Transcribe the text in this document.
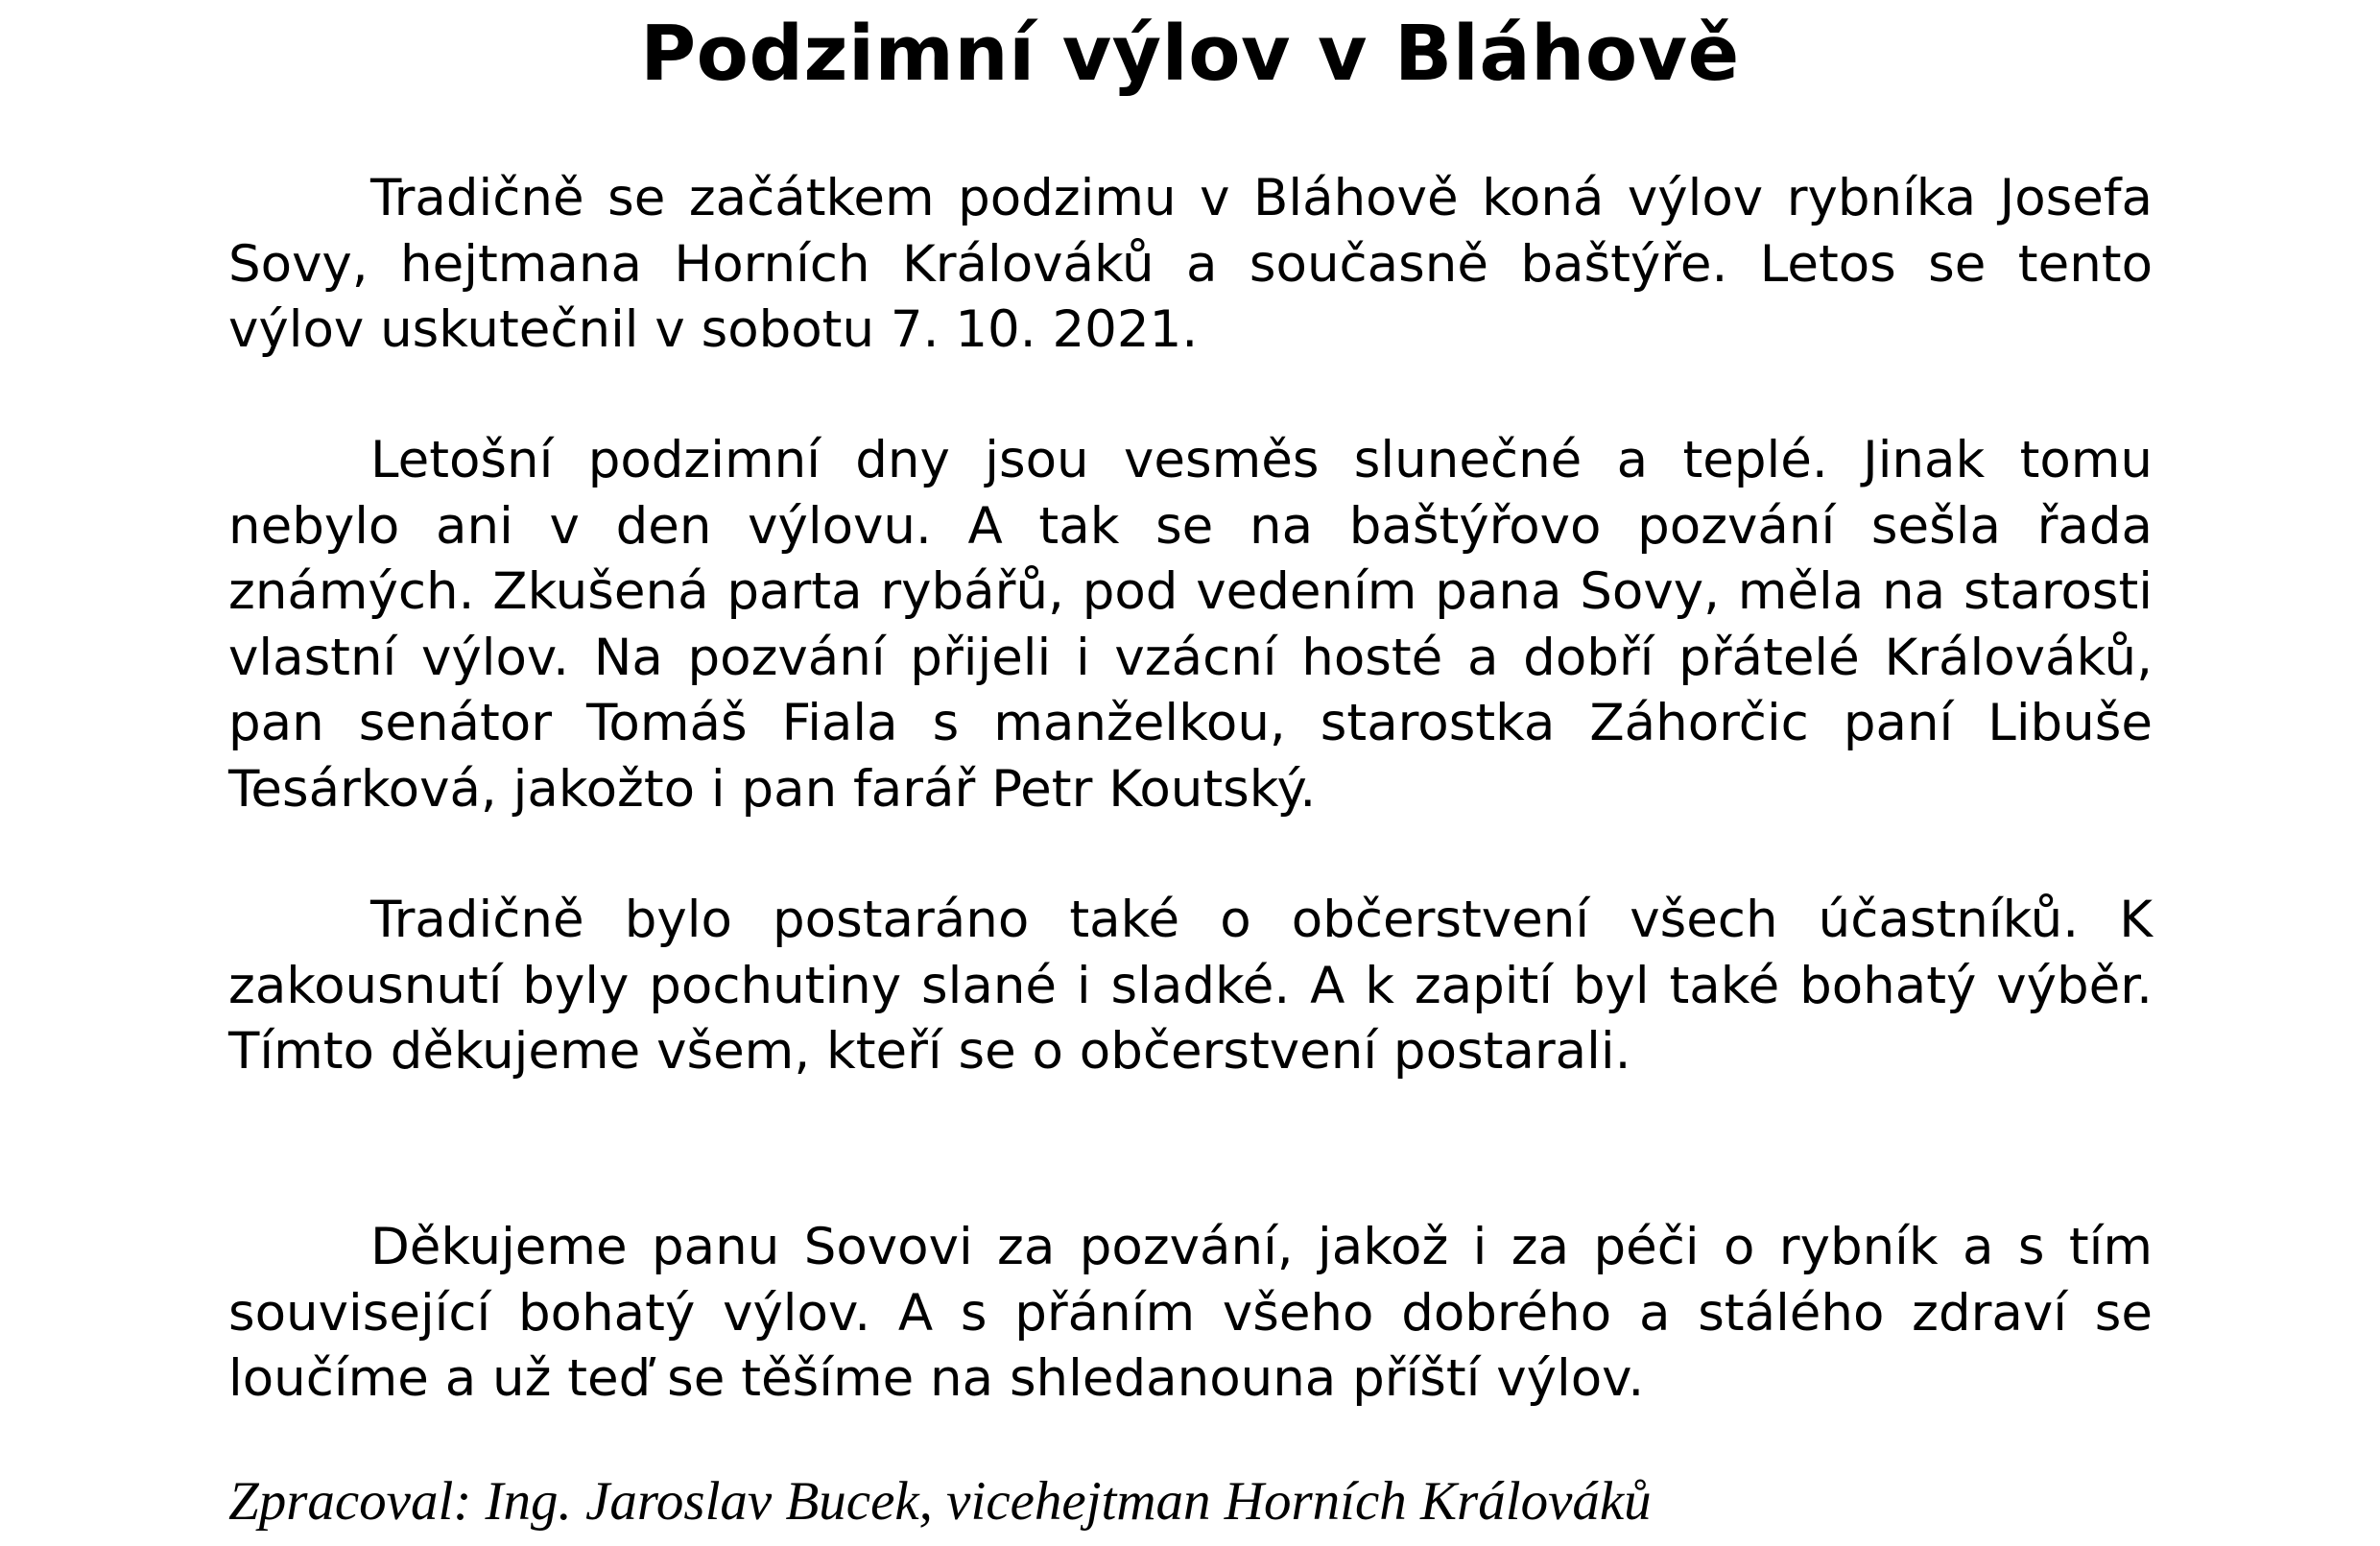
Podzimní výlov v Bláhově

Tradičně se začátkem podzimu v Bláhově koná výlov rybníka Josefa Sovy, hejtmana Horních Králováků a současně baštýře. Letos se tento výlov uskutečnil v sobotu 7. 10. 2021.

Letošní podzimní dny jsou vesměs slunečné a teplé. Jinak tomu nebylo ani v den výlovu. A tak se na baštýřovo pozvání sešla řada známých. Zkušená parta rybářů, pod vedením pana Sovy, měla na starosti vlastní výlov. Na pozvání přijeli i vzácní hosté a dobří přátelé Králováků, pan senátor Tomáš Fiala s manželkou, starostka Záhorčic paní Libuše Tesárková, jakožto i pan farář Petr Koutský.

Tradičně bylo postaráno také o občerstvení všech účastníků. K zakousnutí byly pochutiny slané i sladké. A k zapití byl také bohatý výběr. Tímto děkujeme všem, kteří se o občerstvení postarali.

Děkujeme panu Sovovi za pozvání, jakož i za péči o rybník a s tím související bohatý výlov. A s přáním všeho dobrého a stálého zdraví se loučíme a už teď se těšíme na shledanouna příští výlov.

Zpracoval: Ing. Jaroslav Bucek, vicehejtman Horních Králováků
